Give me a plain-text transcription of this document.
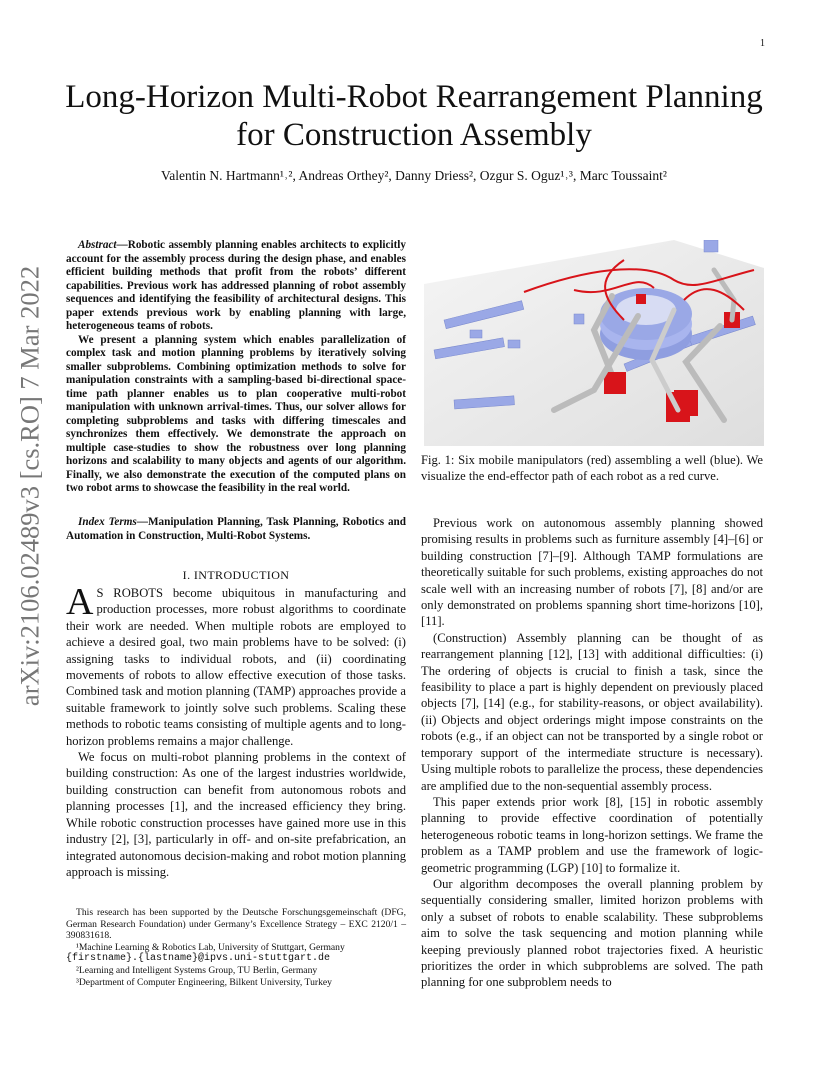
1
arXiv:2106.02489v3 [cs.RO] 7 Mar 2022
Long-Horizon Multi-Robot Rearrangement Planning for Construction Assembly
Valentin N. Hartmann¹˒², Andreas Orthey², Danny Driess², Ozgur S. Oguz¹˒³, Marc Toussaint²

Abstract—Robotic assembly planning enables architects to explicitly account for the assembly process during the design phase, and enables efficient building methods that profit from the robots’ different capabilities. Previous work has addressed planning of robot assembly sequences and identifying the feasibility of architectural designs. This paper extends previous work by enabling planning with large, heterogeneous teams of robots.

We present a planning system which enables parallelization of complex task and motion planning problems by iteratively solving smaller subproblems. Combining optimization methods to solve for manipulation constraints with a sampling-based bi-directional space-time path planner enables us to plan cooperative multi-robot manipulation with unknown arrival-times. Thus, our solver allows for completing subproblems and tasks with differing timescales and synchronizes them effectively. We demonstrate the approach on multiple case-studies to show the robustness over long planning horizons and scalability to many objects and agents of our algorithm. Finally, we also demonstrate the execution of the computed plans on two robot arms to showcase the feasibility in the real world.

Index Terms—Manipulation Planning, Task Planning, Robotics and Automation in Construction, Multi-Robot Systems.

I. INTRODUCTION

A S ROBOTS become ubiquitous in manufacturing and production processes, more robust algorithms to coordinate their work are needed. When multiple robots are employed to achieve a desired goal, two main problems have to be solved: (i) assigning tasks to individual robots, and (ii) coordinating movements of robots to allow effective execution of those tasks. Combined task and motion planning (TAMP) approaches provide a suitable framework to jointly solve such problems. Scaling these methods to robotic teams consisting of multiple agents and to long-horizon problems remains a major challenge.

We focus on multi-robot planning problems in the context of building construction: As one of the largest industries worldwide, building construction can benefit from autonomous robots and planning processes [1], and the increased efficiency they bring. While robotic construction processes have gained more use in this industry [2], [3], particularly in off- and on-site prefabrication, an integrated autonomous decision-making and robot motion planning approach is missing.

This research has been supported by the Deutsche Forschungsgemeinschaft (DFG, German Research Foundation) under Germany’s Excellence Strategy – EXC 2120/1 – 390831618.

¹Machine Learning & Robotics Lab, University of Stuttgart, Germany

{firstname}.{lastname}@ipvs.uni-stuttgart.de

²Learning and Intelligent Systems Group, TU Berlin, Germany

³Department of Computer Engineering, Bilkent University, Turkey

Fig. 1: Six mobile manipulators (red) assembling a well (blue). We visualize the end-effector path of each robot as a red curve.

Previous work on autonomous assembly planning showed promising results in problems such as furniture assembly [4]–[6] or building construction [7]–[9]. Although TAMP formulations are theoretically suitable for such problems, existing approaches do not scale well with an increasing number of robots [7], [8] and/or are only demonstrated on problems spanning short time-horizons [10], [11].

(Construction) Assembly planning can be thought of as rearrangement planning [12], [13] with additional difficulties: (i) The ordering of objects is crucial to finish a task, since the feasibility to place a part is highly dependent on previously placed objects [7], [14] (e.g., for stability-reasons, or object availability). (ii) Objects and object orderings might impose constraints on the robots (e.g., if an object can not be transported by a single robot or temporary support of the intermediate structure is necessary). Using multiple robots to parallelize the process, these dependencies are amplified due to the non-sequential assembly process.

This paper extends prior work [8], [15] in robotic assembly planning to provide effective coordination of potentially heterogeneous robotic teams in long-horizon settings. We frame the problem as a TAMP problem and use the framework of logic-geometric programming (LGP) [10] to formalize it.

Our algorithm decomposes the overall planning problem by sequentially considering smaller, limited horizon problems with only a subset of robots to enable scalability. These subproblems aim to solve the task sequencing and motion planning while keeping previously planned robot trajectories fixed. A heuristic prioritizes the order in which subproblems are solved. The path planning for one subproblem needs to
